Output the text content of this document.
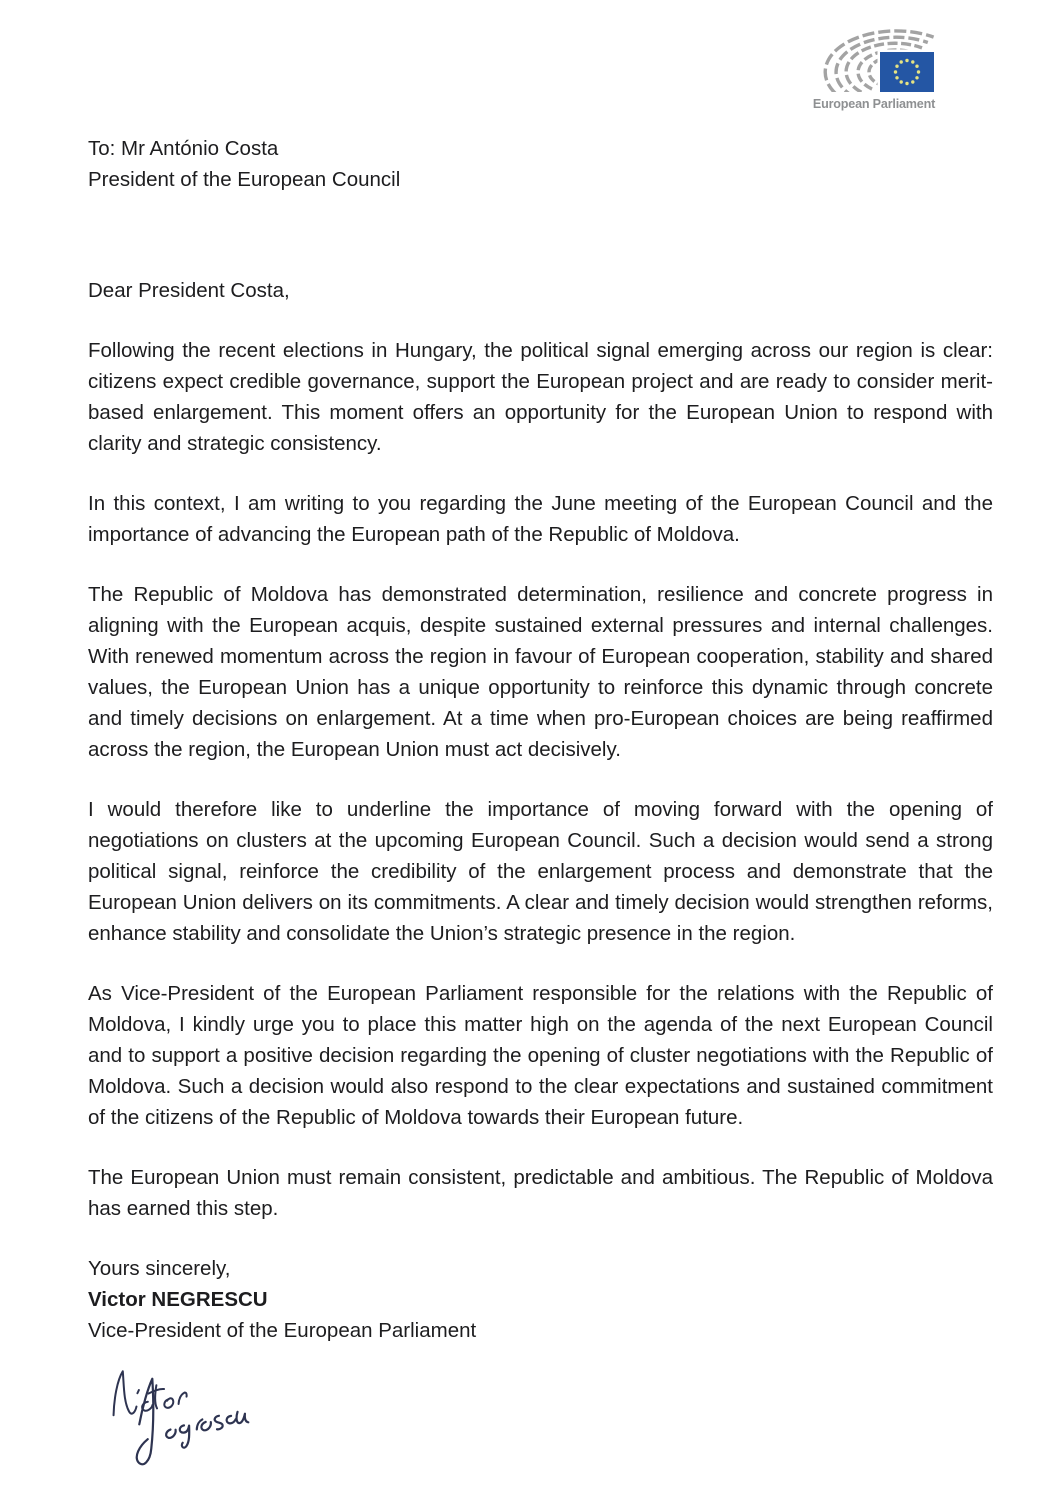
European Parliament
To: Mr António Costa
President of the European Council
Dear President Costa,

Following the recent elections in Hungary, the political signal emerging across our region is clear: citizens expect credible governance, support the European project and are ready to consider merit-based enlargement. This moment offers an opportunity for the European Union to respond with clarity and strategic consistency.

In this context, I am writing to you regarding the June meeting of the European Council and the importance of advancing the European path of the Republic of Moldova.

The Republic of Moldova has demonstrated determination, resilience and concrete progress in aligning with the European acquis, despite sustained external pressures and internal challenges. With renewed momentum across the region in favour of European cooperation, stability and shared values, the European Union has a unique opportunity to reinforce this dynamic through concrete and timely decisions on enlargement. At a time when pro-European choices are being reaffirmed across the region, the European Union must act decisively.

I would therefore like to underline the importance of moving forward with the opening of negotiations on clusters at the upcoming European Council. Such a decision would send a strong political signal, reinforce the credibility of the enlargement process and demonstrate that the European Union delivers on its commitments. A clear and timely decision would strengthen reforms, enhance stability and consolidate the Union’s strategic presence in the region.

As Vice-President of the European Parliament responsible for the relations with the Republic of Moldova, I kindly urge you to place this matter high on the agenda of the next European Council and to support a positive decision regarding the opening of cluster negotiations with the Republic of Moldova. Such a decision would also respond to the clear expectations and sustained commitment of the citizens of the Republic of Moldova towards their European future.

The European Union must remain consistent, predictable and ambitious. The Republic of Moldova has earned this step.

Yours sincerely,
Victor NEGRESCU
Vice-President of the European Parliament
